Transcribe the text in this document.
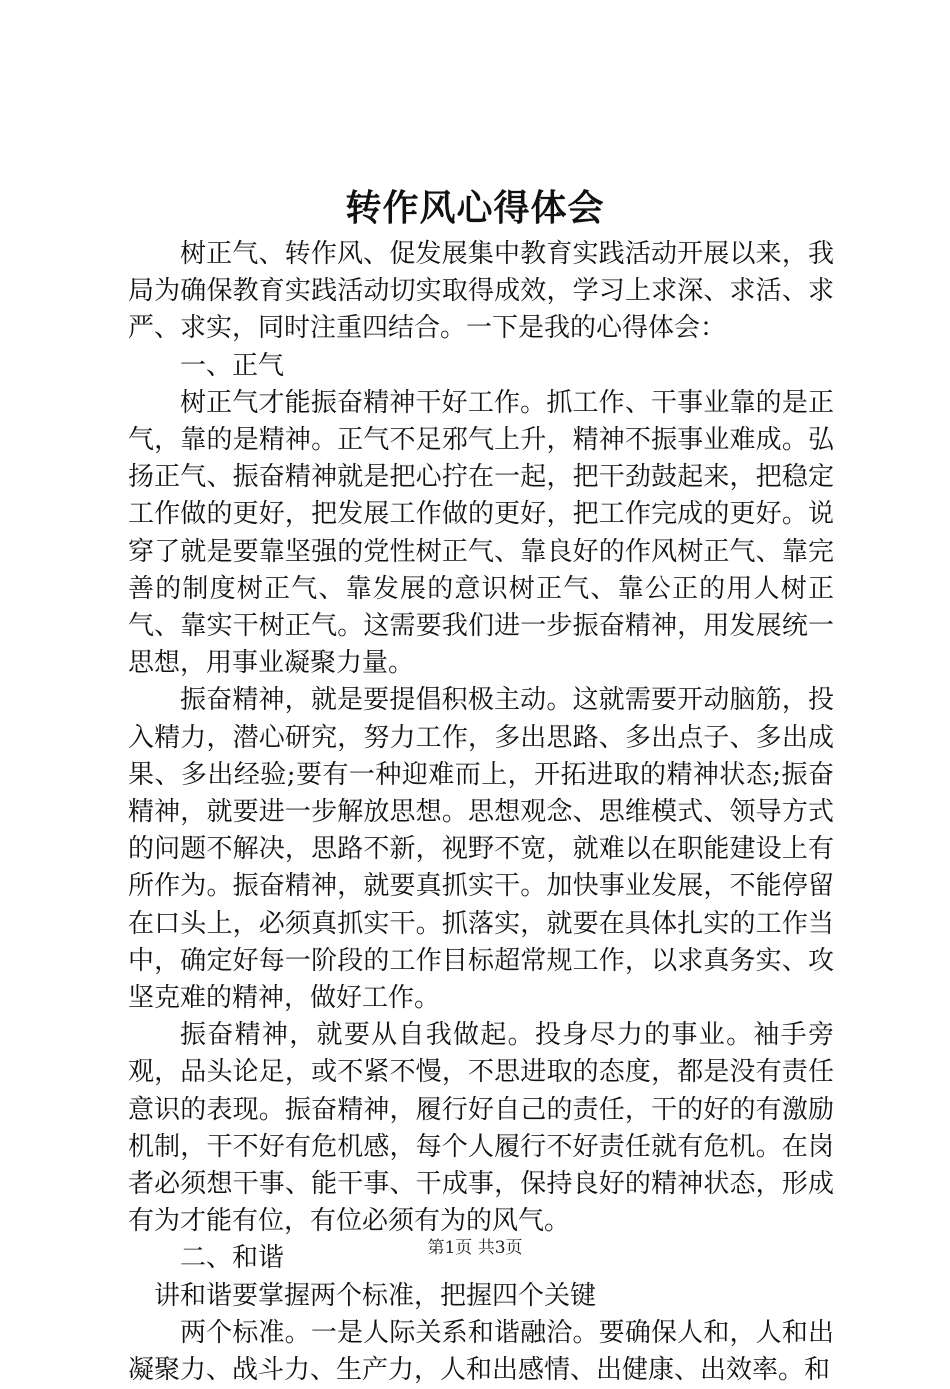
转作风心得体会

树正气、转作风、促发展集中教育实践活动开展以来，我局为确保教育实践活动切实取得成效，学习上求深、求活、求严、求实，同时注重四结合。一下是我的心得体会：

一、正气

树正气才能振奋精神干好工作。抓工作、干事业靠的是正气，靠的是精神。正气不足邪气上升，精神不振事业难成。弘扬正气、振奋精神就是把心拧在一起，把干劲鼓起来，把稳定工作做的更好，把发展工作做的更好，把工作完成的更好。说穿了就是要靠坚强的党性树正气、靠良好的作风树正气、靠完善的制度树正气、靠发展的意识树正气、靠公正的用人树正气、靠实干树正气。这需要我们进一步振奋精神，用发展统一思想，用事业凝聚力量。

振奋精神，就是要提倡积极主动。这就需要开动脑筋，投入精力，潜心研究，努力工作，多出思路、多出点子、多出成果、多出经验;要有一种迎难而上，开拓进取的精神状态;振奋精神，就要进一步解放思想。思想观念、思维模式、领导方式的问题不解决，思路不新，视野不宽，就难以在职能建设上有所作为。振奋精神，就要真抓实干。加快事业发展，不能停留在口头上，必须真抓实干。抓落实，就要在具体扎实的工作当中，确定好每一阶段的工作目标超常规工作，以求真务实、攻坚克难的精神，做好工作。

振奋精神，就要从自我做起。投身尽力的事业。袖手旁观，品头论足，或不紧不慢，不思进取的态度，都是没有责任意识的表现。振奋精神，履行好自己的责任，干的好的有激励机制，干不好有危机感，每个人履行不好责任就有危机。在岗者必须想干事、能干事、干成事，保持良好的精神状态，形成有为才能有位，有位必须有为的风气。

二、和谐

讲和谐要掌握两个标准，把握四个关键

两个标准。一是人际关系和谐融洽。要确保人和，人和出凝聚力、战斗力、生产力，人和出感情、出健康、出效率。和

第1页 共3页
